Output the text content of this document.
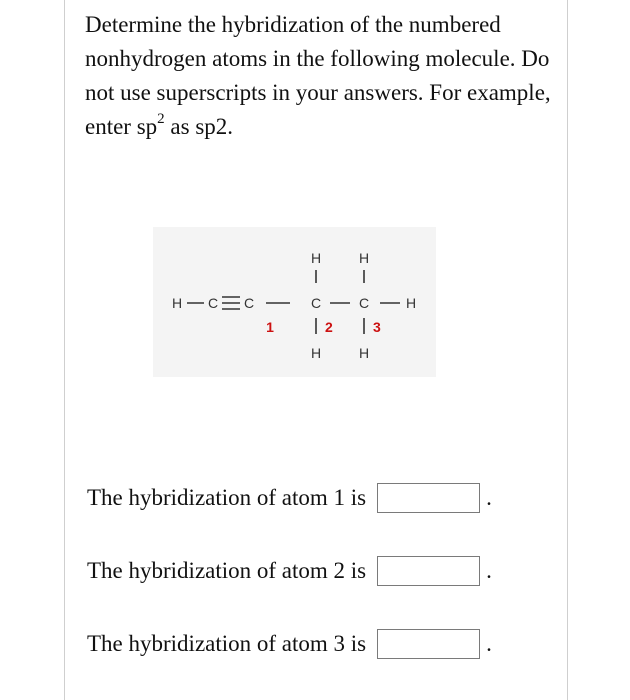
Determine the hybridization of the numbered nonhydrogen atoms in the following molecule. Do not use superscripts in your answers. For example, enter $sp^2$ as sp2.
H	H
H C C	C	C	H
1	2	3
H	H
The hybridization of atom 1 is	.
The hybridization of atom 2 is	.
The hybridization of atom 3 is	.
